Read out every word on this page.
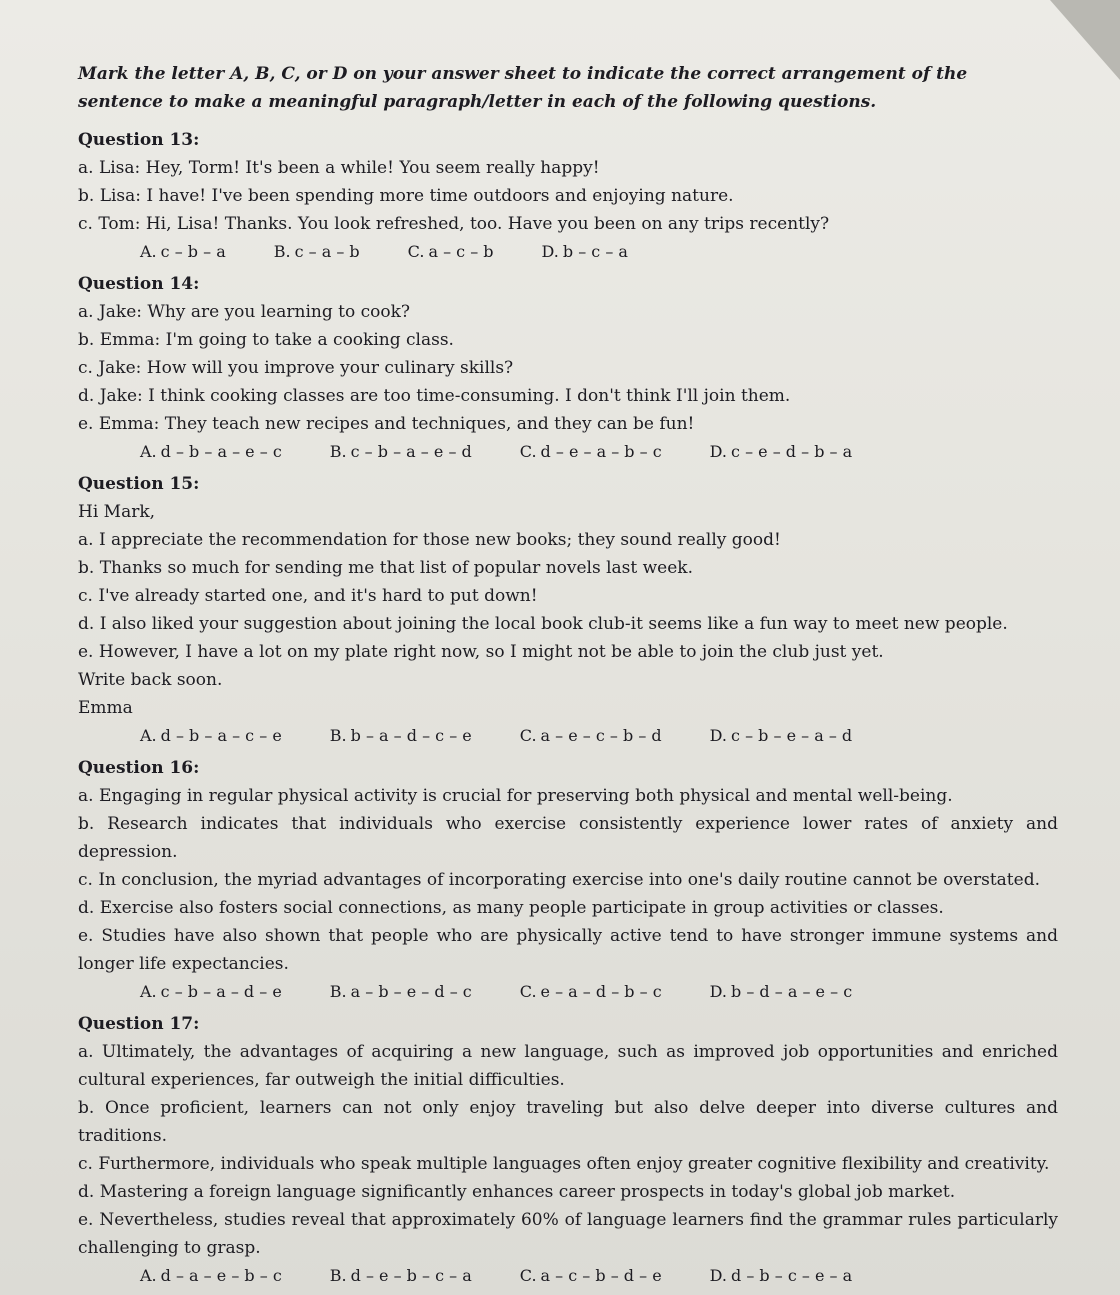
Mark the letter A, B, C, or D on your answer sheet to indicate the correct arrangement of the sentence to make a meaningful paragraph/letter in each of the following questions.
Question 13:
a. Lisa: Hey, Torm! It's been a while! You seem really happy!
b. Lisa: I have! I've been spending more time outdoors and enjoying nature.
c. Tom: Hi, Lisa! Thanks. You look refreshed, too. Have you been on any trips recently?
A. c – b – a	B. c – a – b	C. a – c – b	D. b – c – a
Question 14:
a. Jake: Why are you learning to cook?
b. Emma: I'm going to take a cooking class.
c. Jake: How will you improve your culinary skills?
d. Jake: I think cooking classes are too time-consuming. I don't think I'll join them.
e. Emma: They teach new recipes and techniques, and they can be fun!
A. d – b – a – e – c	B. c – b – a – e – d	C. d – e – a – b – c	D. c – e – d – b – a
Question 15:
Hi Mark,
a. I appreciate the recommendation for those new books; they sound really good!
b. Thanks so much for sending me that list of popular novels last week.
c. I've already started one, and it's hard to put down!
d. I also liked your suggestion about joining the local book club-it seems like a fun way to meet new people.
e. However, I have a lot on my plate right now, so I might not be able to join the club just yet.
Write back soon.
Emma
A. d – b – a – c – e	B. b – a – d – c – e	C. a – e – c – b – d	D. c – b – e – a – d
Question 16:
a. Engaging in regular physical activity is crucial for preserving both physical and mental well-being.
b. Research indicates that individuals who exercise consistently experience lower rates of anxiety and depression.
c. In conclusion, the myriad advantages of incorporating exercise into one's daily routine cannot be overstated.
d. Exercise also fosters social connections, as many people participate in group activities or classes.
e. Studies have also shown that people who are physically active tend to have stronger immune systems and longer life expectancies.
A. c – b – a – d – e	B. a – b – e – d – c	C. e – a – d – b – c	D. b – d – a – e – c
Question 17:
a. Ultimately, the advantages of acquiring a new language, such as improved job opportunities and enriched cultural experiences, far outweigh the initial difficulties.
b. Once proficient, learners can not only enjoy traveling but also delve deeper into diverse cultures and traditions.
c. Furthermore, individuals who speak multiple languages often enjoy greater cognitive flexibility and creativity.
d. Mastering a foreign language significantly enhances career prospects in today's global job market.
e. Nevertheless, studies reveal that approximately 60% of language learners find the grammar rules particularly challenging to grasp.
A. d – a – e – b – c	B. d – e – b – c – a	C. a – c – b – d – e	D. d – b – c – e – a
